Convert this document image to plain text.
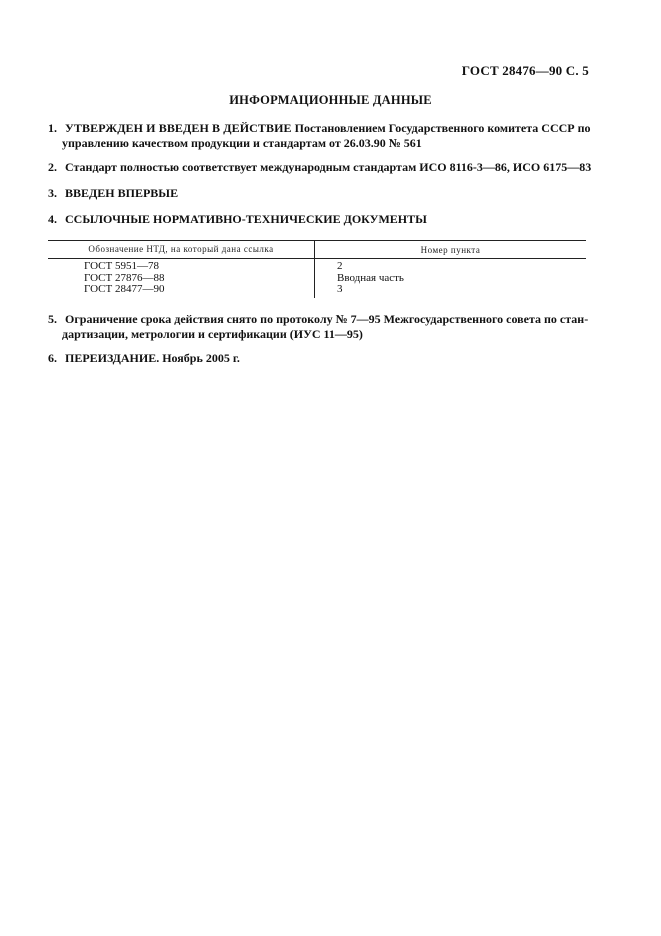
ГОСТ 28476—90 С. 5
ИНФОРМАЦИОННЫЕ ДАННЫЕ
1. УТВЕРЖДЕН И ВВЕДЕН В ДЕЙСТВИЕ Постановлением Государственного комитета СССР по
управлению качеством продукции и стандартам от 26.03.90 № 561
2. Стандарт полностью соответствует международным стандартам ИСО 8116-3—86, ИСО 6175—83
3. ВВЕДЕН ВПЕРВЫЕ
4. ССЫЛОЧНЫЕ НОРМАТИВНО-ТЕХНИЧЕСКИЕ ДОКУМЕНТЫ
Обозначение НТД, на который дана ссылка	Номер пункта
ГОСТ 5951—78
ГОСТ 27876—88
ГОСТ 28477—90
2
Вводная часть
3
5. Ограничение срока действия снято по протоколу № 7—95 Межгосударственного совета по стан-
дартизации, метрологии и сертификации (ИУС 11—95)
6. ПЕРЕИЗДАНИЕ. Ноябрь 2005 г.
